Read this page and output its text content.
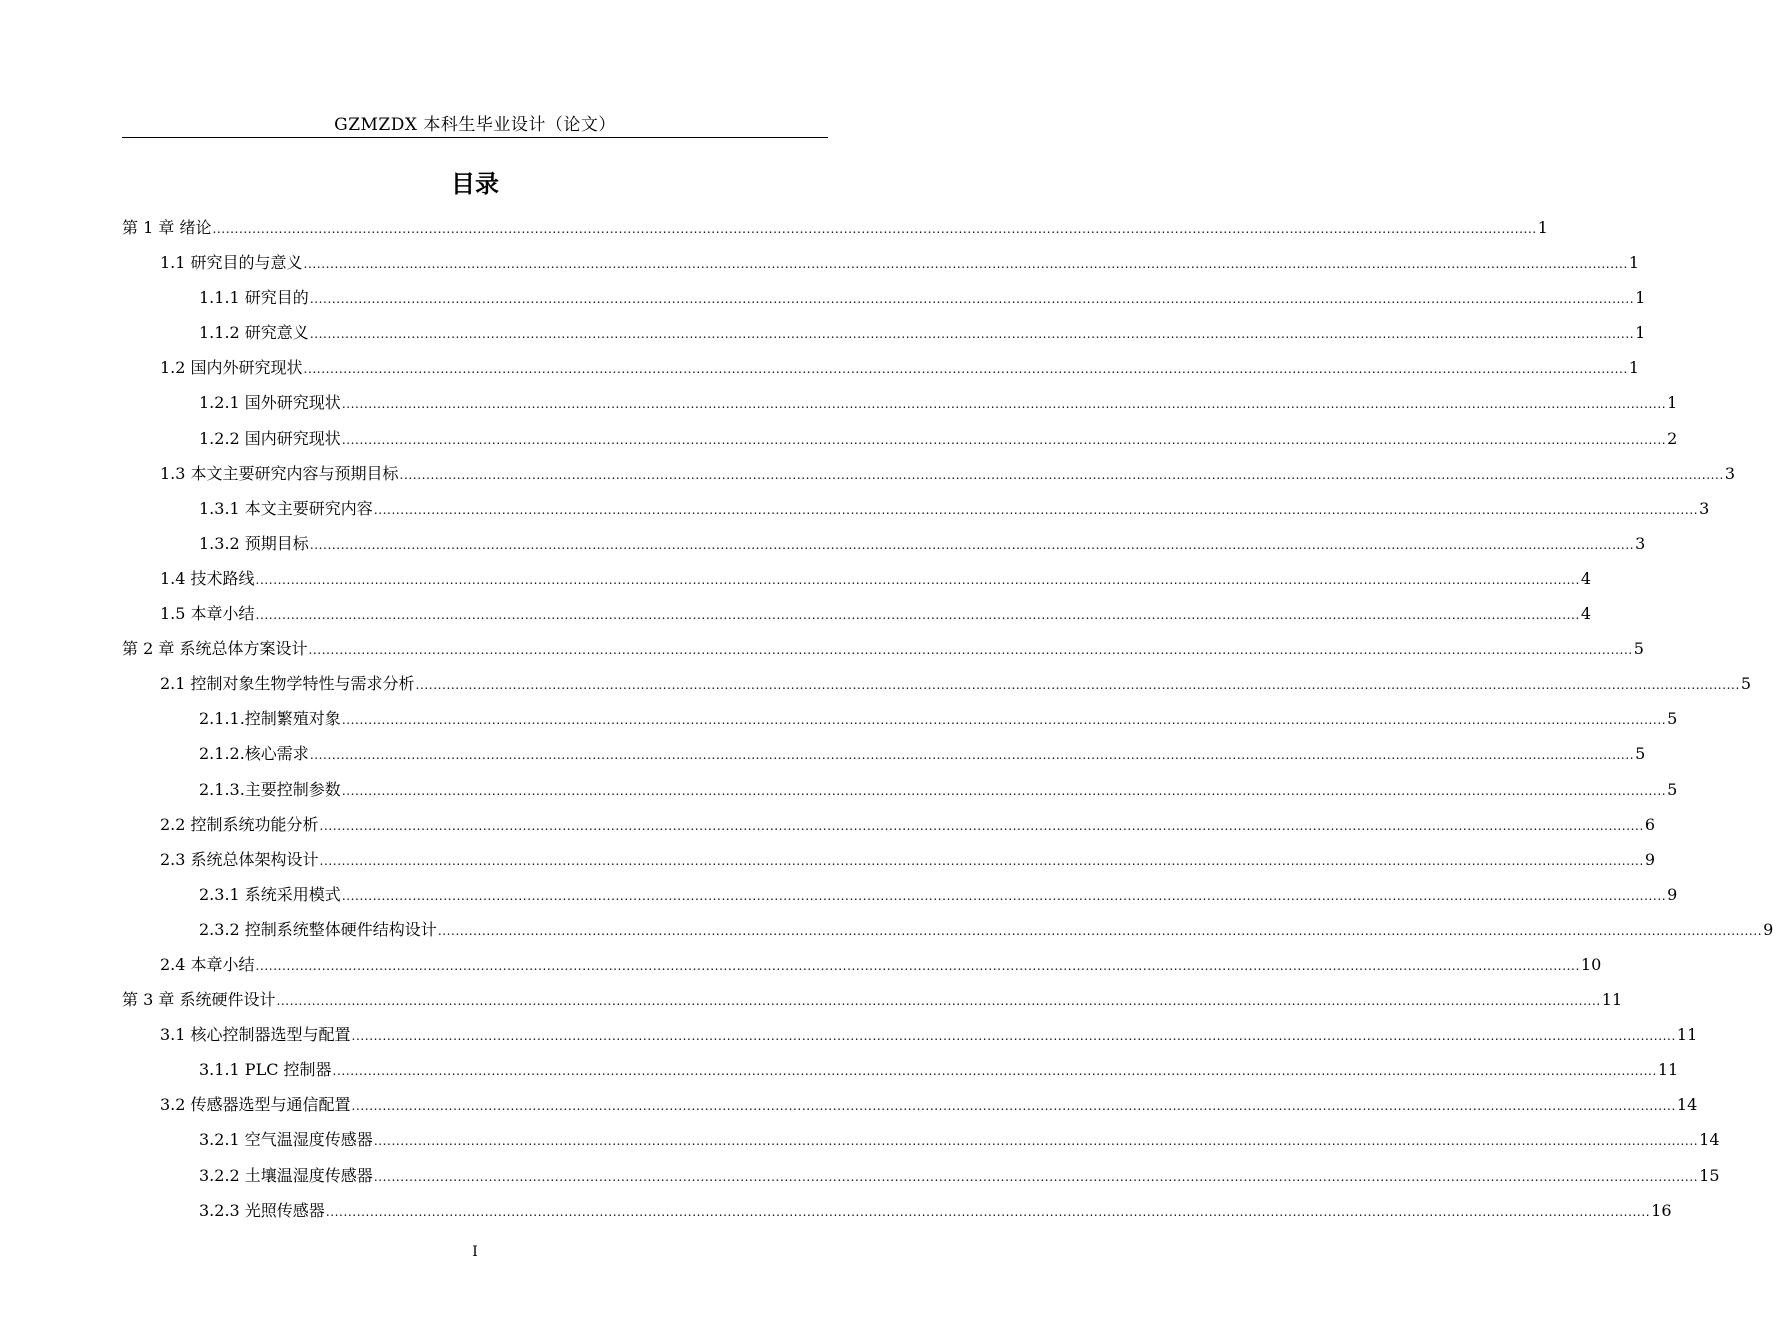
GZMZDX 本科生毕业设计（论文）
目录
第 1 章 绪论 ............................................................................................................................................................................................................................................................................................................ 1
1.1 研究目的与意义 ............................................................................................................................................................................................................................................................................................................ 1
1.1.1 研究目的 ............................................................................................................................................................................................................................................................................................................ 1
1.1.2 研究意义 ............................................................................................................................................................................................................................................................................................................ 1
1.2 国内外研究现状 ............................................................................................................................................................................................................................................................................................................ 1
1.2.1 国外研究现状 ............................................................................................................................................................................................................................................................................................................ 1
1.2.2 国内研究现状 ............................................................................................................................................................................................................................................................................................................ 2
1.3 本文主要研究内容与预期目标 ............................................................................................................................................................................................................................................................................................................ 3
1.3.1 本文主要研究内容 ............................................................................................................................................................................................................................................................................................................ 3
1.3.2 预期目标 ............................................................................................................................................................................................................................................................................................................ 3
1.4 技术路线 ............................................................................................................................................................................................................................................................................................................ 4
1.5 本章小结 ............................................................................................................................................................................................................................................................................................................ 4
第 2 章 系统总体方案设计 ............................................................................................................................................................................................................................................................................................................ 5
2.1 控制对象生物学特性与需求分析 ............................................................................................................................................................................................................................................................................................................ 5
2.1.1.控制繁殖对象 ............................................................................................................................................................................................................................................................................................................ 5
2.1.2.核心需求 ............................................................................................................................................................................................................................................................................................................ 5
2.1.3.主要控制参数 ............................................................................................................................................................................................................................................................................................................ 5
2.2 控制系统功能分析 ............................................................................................................................................................................................................................................................................................................ 6
2.3 系统总体架构设计 ............................................................................................................................................................................................................................................................................................................ 9
2.3.1 系统采用模式 ............................................................................................................................................................................................................................................................................................................ 9
2.3.2 控制系统整体硬件结构设计 ............................................................................................................................................................................................................................................................................................................ 9
2.4 本章小结 ............................................................................................................................................................................................................................................................................................................ 10
第 3 章 系统硬件设计 ............................................................................................................................................................................................................................................................................................................ 11
3.1 核心控制器选型与配置 ............................................................................................................................................................................................................................................................................................................ 11
3.1.1 PLC 控制器 ............................................................................................................................................................................................................................................................................................................ 11
3.2 传感器选型与通信配置 ............................................................................................................................................................................................................................................................................................................ 14
3.2.1 空气温湿度传感器 ............................................................................................................................................................................................................................................................................................................ 14
3.2.2 土壤温湿度传感器 ............................................................................................................................................................................................................................................................................................................ 15
3.2.3 光照传感器 ............................................................................................................................................................................................................................................................................................................ 16
I
